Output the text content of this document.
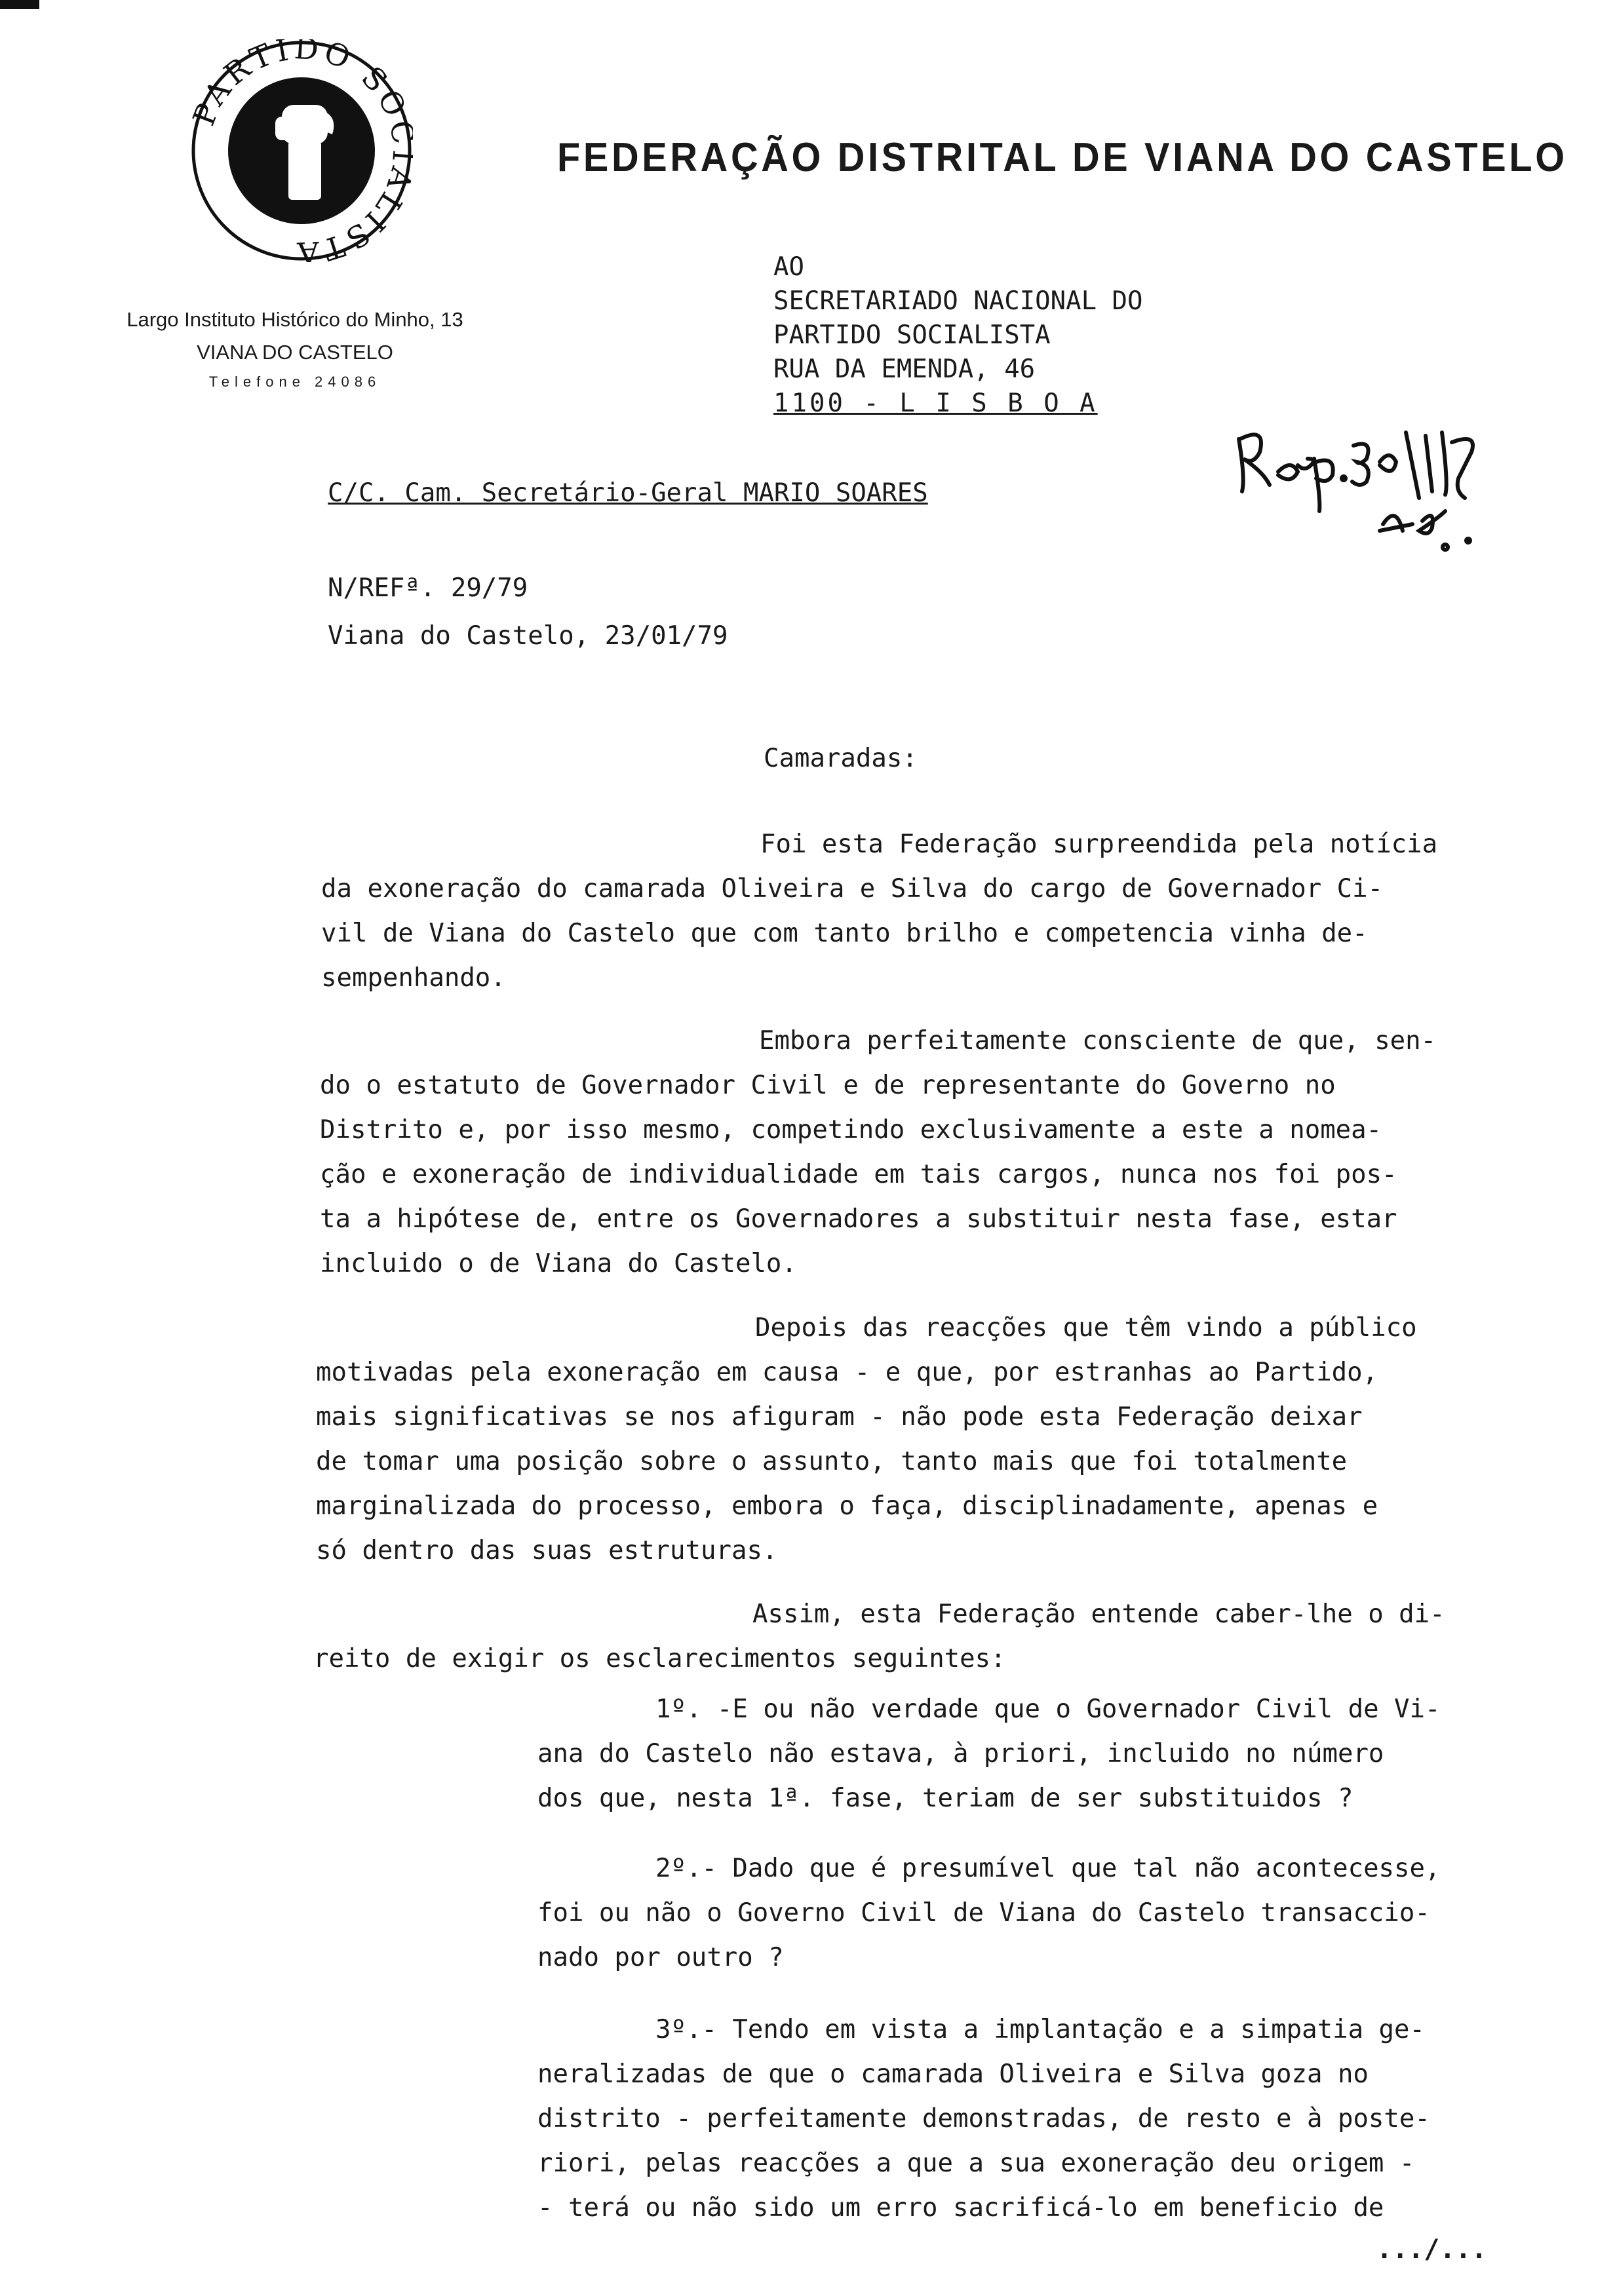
ARTIDO SO LISTA
FEDERAÇÃO DISTRITAL DE VIANA DO CASTELO
Largo Instituto Histórico do Minho, 13
VIANA DO CASTELO
Telefone 24086
AO
SECRETARIADO NACIONAL DO
PARTIDO SOCIALISTA
RUA DA EMENDA, 46
1100 - L I S B O A
C/C. Cam. Secretário-Geral MARIO SOARES
N/REFª. 29/79
Viana do Castelo, 23/01/79
Camaradas:
Foi esta Federação surpreendida pela notícia
da exoneração do camarada Oliveira e Silva do cargo de Governador Ci-
vil de Viana do Castelo que com tanto brilho e competencia vinha de-
sempenhando.
Embora perfeitamente consciente de que, sen-
do o estatuto de Governador Civil e de representante do Governo no
Distrito e, por isso mesmo, competindo exclusivamente a este a nomea-
ção e exoneração de individualidade em tais cargos, nunca nos foi pos-
ta a hipótese de, entre os Governadores a substituir nesta fase, estar
incluido o de Viana do Castelo.
Depois das reacções que têm vindo a público
motivadas pela exoneração em causa - e que, por estranhas ao Partido,
mais significativas se nos afiguram - não pode esta Federação deixar
de tomar uma posição sobre o assunto, tanto mais que foi totalmente
marginalizada do processo, embora o faça, disciplinadamente, apenas e
só dentro das suas estruturas.
Assim, esta Federação entende caber-lhe o di-
reito de exigir os esclarecimentos seguintes:
1º. -E ou não verdade que o Governador Civil de Vi-
ana do Castelo não estava, à priori, incluido no número
dos que, nesta 1ª. fase, teriam de ser substituidos ?
2º.- Dado que é presumível que tal não acontecesse,
foi ou não o Governo Civil de Viana do Castelo transaccio-
nado por outro ?
3º.- Tendo em vista a implantação e a simpatia ge-
neralizadas de que o camarada Oliveira e Silva goza no
distrito - perfeitamente demonstradas, de resto e à poste-
riori, pelas reacções a que a sua exoneração deu origem -
- terá ou não sido um erro sacrificá-lo em beneficio de
.../...
